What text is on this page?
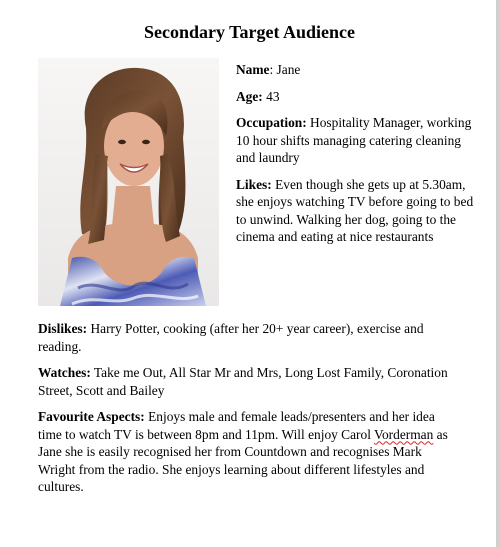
Secondary Target Audience

Name: Jane

Age: 43

Occupation: Hospitality Manager, working 10 hour shifts managing catering cleaning and laundry

Likes: Even though she gets up at 5.30am, she enjoys watching TV before going to bed to unwind. Walking her dog, going to the cinema and eating at nice restaurants

Dislikes: Harry Potter, cooking (after her 20+ year career), exercise and reading.

Watches: Take me Out, All Star Mr and Mrs, Long Lost Family, Coronation Street, Scott and Bailey

Favourite Aspects: Enjoys male and female leads/presenters and her idea time to watch TV is between 8pm and 11pm. Will enjoy Carol Vorderman as Jane she is easily recognised her from Countdown and recognises Mark Wright from the radio. She enjoys learning about different lifestyles and cultures.
